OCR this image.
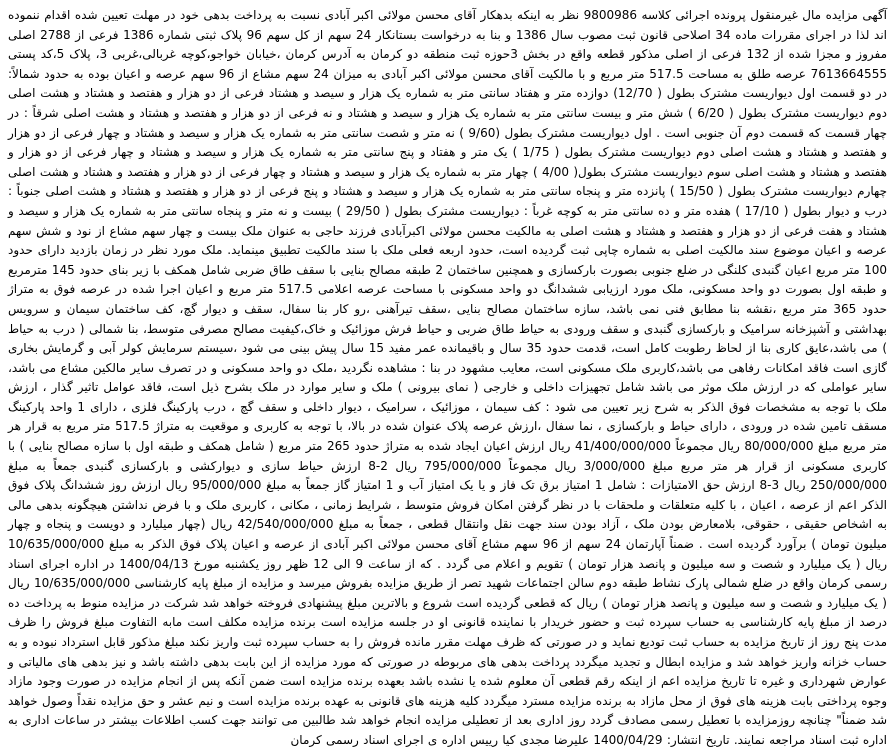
آگهی مزایده مال غیرمنقول پرونده اجرائی کلاسه 9800986 نظر به اینکه بدهکار آقای محسن مولائی اکبر آبادی نسبت به پرداخت بدهی خود در مهلت تعیین شده اقدام ننموده اند لذا در اجرای مقررات ماده 34 اصلاحی قانون ثبت مصوب سال 1386 و بنا به درخواست بستانکار 24 سهم از کل سهم 96 پلاک ثبتی شماره 1386 فرعی از 2788 اصلی مفروز و مجزا شده از 132 فرعی از اصلی مذکور قطعه واقع در بخش 3حوزه ثبت منطقه دو کرمان به آدرس کرمان ،خیابان خواجو،کوچه غربالی،غربی 3، پلاک 5،کد پستی 7613664555 عرصه طلق به مساحت 517.5 متر مربع و با مالکیت آقای محسن مولائی اکبر آبادی به میزان 24 سهم مشاع از 96 سهم عرصه و اعیان بوده به حدود شمالاً: در دو قسمت اول دیواریست مشترک بطول ( 12/70) دوازده متر و هفتاد سانتی متر به شماره یک هزار و سیصد و هشتاد فرعی از دو هزار و هفتصد و هشتاد و هشت اصلی دوم دیواریست مشترک بطول ( 6/20 ) شش متر و بیست سانتی متر به شماره یک هزار و سیصد و هشتاد و نه فرعی از دو هزار و هفتصد و هشتاد و هشت اصلی شرقاً : در چهار قسمت که قسمت دوم آن جنوبی است . اول دیواریست مشترک بطول (9/60 ) نه متر و شصت سانتی متر به شماره یک هزار و سیصد و هشتاد و چهار فرعی از دو هزار و هفتصد و هشتاد و هشت اصلی دوم دیواریست مشترک بطول ( 1/75 ) یک متر و هفتاد و پنج سانتی متر به شماره یک هزار و سیصد و هشتاد و چهار فرعی از دو هزار و هفتصد و هشتاد و هشت اصلی سوم دیواریست مشترک بطول( 4/00 ) چهار متر به شماره یک هزار و سیصد و هشتاد و چهار فرعی از دو هزار و هفتصد و هشتاد و هشت اصلی چهارم دیواریست مشترک بطول ( 15/50 ) پانزده متر و پنجاه سانتی متر به شماره یک هزار و سیصد و هشتاد و پنج فرعی از دو هزار و هفتصد و هشتاد و هشت اصلی جنوباً : درب و دیوار بطول ( 17/10 ) هفده متر و ده سانتی متر به کوچه غرباً : دیواریست مشترک بطول ( 29/50 ) بیست و نه متر و پنجاه سانتی متر به شماره یک هزار و سیصد و هشتاد و هفت فرعی از دو هزار و هفتصد و هشتاد و هشت اصلی به مالکیت محسن مولائی اکبرآبادی فرزند حاجی به عنوان ملک بیست و چهار سهم مشاع از نود و شش سهم عرصه و اعیان موضوع سند مالکیت اصلی به شماره چاپی ثبت گردیده است، حدود اربعه فعلی ملک با سند مالکیت تطبیق مینماید. ملک مورد نظر در زمان بازدید دارای حدود 100 متر مربع اعیان گنبدی کلنگی در ضلع جنوبی بصورت بارکسازی و همچنین ساختمان 2 طبقه مصالح بنایی با سقف طاق ضربی شامل همکف با زیر بنای حدود 145 مترمربع و طبقه اول بصورت دو واحد مسکونی، ملک مورد ارزیابی ششدانگ دو واحد مسکونی با مساحت عرصه اعلامی 517.5 متر مربع و اعیان اجرا شده در عرصه فوق به متراژ حدود 365 متر مربع ،نقشه بنا مطابق فنی نمی باشد، سازه ساختمان مصالح بنایی ،سقف تیرآهنی ،رو کار بنا سفال، سقف و دیوار گچ، کف ساختمان سیمان و سرویس بهداشتی و آشپزخانه سرامیک و بارکسازی گنبدی و سقف ورودی به حیاط طاق ضربی و حیاط فرش موزائیک و خاک،کیفیت مصالح مصرفی متوسط، بنا شمالی ( درب به حیاط ) می باشد،عایق کاری بنا از لحاظ رطوبت کامل است، قدمت حدود 35 سال و باقیمانده عمر مفید 15 سال پیش بینی می شود ،سیستم سرمایش کولر آبی و گرمایش بخاری گازی است فاقد امکانات رفاهی می باشد،کاربری ملک مسکونی است، معایب مشهود در بنا : مشاهده نگردید ،ملک دو واحد مسکونی و در تصرف سایر مالکین مشاع می باشد، سایر عواملی که در ارزش ملک موثر می باشد شامل تجهیزات داخلی و خارجی ( نمای بیرونی ) ملک و سایر موارد در ملک بشرح ذیل است، فاقد عوامل تاثیر گذار ، ارزش ملک با توجه به مشخصات فوق الذکر به شرح زیر تعیین می شود : کف سیمان ، موزائیک ، سرامیک ، دیوار داخلی و سقف گچ ، درب پارکینگ فلزی ، دارای 1 واحد پارکینگ مسقف تامین شده در ورودی ، دارای حیاط و بارکسازی ، نما سفال ،ارزش عرصه پلاک عنوان شده در بالا، با توجه به کاربری و موقعیت به متراژ 517.5 متر مربع به قرار هر متر مربع مبلغ 80/000/000 ریال مجموعاً 41/400/000/000 ریال ارزش اعیان ایجاد شده به متراژ حدود 265 متر مربع ( شامل همکف و طبقه اول با سازه مصالح بنایی ) با کاربری مسکونی از قرار هر متر مربع مبلغ 3/000/000 ریال مجموعاً 795/000/000 ریال 2-8 ارزش حیاط سازی و دیوارکشی و بارکسازی گنبدی جمعاً به مبلغ 250/000/000 ریال 3-8 ارزش حق الامتیازات : شامل 1 امتیاز برق تک فاز و یا یک امتیاز آب و 1 امتیاز گاز جمعاً به مبلغ 95/000/000 ریال ارزش روز ششدانگ پلاک فوق الذکر اعم از عرصه ، اعیان ، با کلیه متعلقات و ملحقات با در نظر گرفتن امکان فروش متوسط ، شرایط زمانی ، مکانی ، کاربری ملک و با فرض نداشتن هیچگونه بدهی مالی به اشخاص حقیقی ، حقوقی، بلامعارض بودن ملک ، آزاد بودن سند جهت نقل وانتقال قطعی ، جمعاً به مبلغ 42/540/000/000 ریال (چهار میلیارد و دویست و پنجاه و چهار میلیون تومان ) برآورد گردیده است . ضمناً آپارتمان 24 سهم از 96 سهم مشاع آقای محسن مولائی اکبر آبادی از عرصه و اعیان پلاک فوق الذکر به مبلغ 10/635/000/000 ریال ( یک میلیارد و شصت و سه میلیون و پانصد هزار تومان ) تقویم و اعلام می گردد . که از ساعت 9 الی 12 ظهر روز یکشنبه مورخ 1400/04/13 در اداره اجرای اسناد رسمی کرمان واقع در ضلع شمالی پارک نشاط طبقه دوم سالن اجتماعات شهید تصر از طریق مزایده بفروش میرسد و مزایده از مبلغ پایه کارشناسی 10/635/000/000 ریال ( یک میلیارد و شصت و سه میلیون و پانصد هزار تومان ) ریال که قطعی گردیده است شروع و بالاترین مبلغ پیشنهادی فروخته خواهد شد شرکت در مزایده منوط به پرداخت ده درصد از مبلغ پایه کارشناسی به حساب سپرده ثبت و حضور خریدار با نماینده قانونی او در جلسه مزایده است برنده مزایده مکلف است مابه التفاوت مبلغ فروش را ظرف مدت پنج روز از تاریخ مزایده به حساب ثبت تودیع نماید و در صورتی که ظرف مهلت مقرر مانده فروش را به حساب سپرده ثبت واریز نکند مبلغ مذکور قابل استرداد نبوده و به حساب خزانه واریز خواهد شد و مزایده ابطال و تجدید میگردد پرداخت بدهی های مربوطه در صورتی که مورد مزایده از این بابت بدهی داشته باشد و نیز بدهی های مالیاتی و عوارض شهرداری و غیره تا تاریخ مزایده اعم از اینکه رقم قطعی آن معلوم شده یا نشده باشد بعهده برنده مزایده است ضمن آنکه پس از انجام مزایده در صورت وجود مازاد وجوه پرداختی بابت هزینه های فوق از محل مازاد به برنده مزایده مسترد میگردد کلیه هزینه های قانونی به عهده برنده مزایده است و نیم عشر و حق مزایده نقداً وصول خواهد شد ضمناً" چنانچه روزمزایده با تعطیل رسمی مصادف گردد روز اداری بعد از تعطیلی مزایده انجام خواهد شد طالبین می توانند جهت کسب اطلاعات بیشتر در ساعات اداری به اداره ثبت اسناد مراجعه نمایند. تاریخ انتشار: 1400/04/29 علیرضا مجدی کیا رییس اداره ی اجرای اسناد رسمی کرمان
